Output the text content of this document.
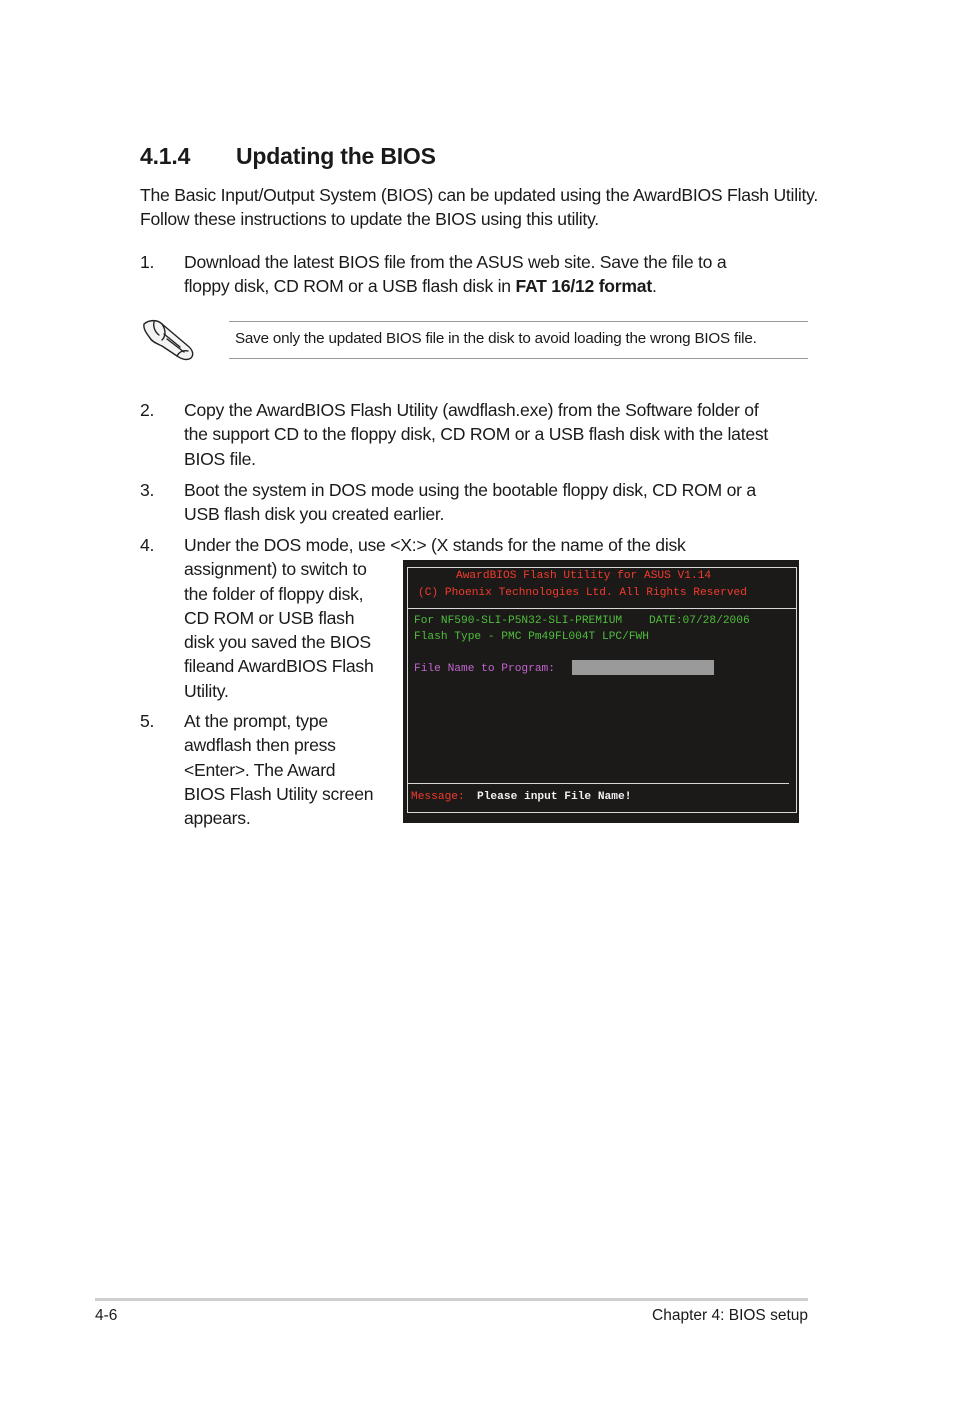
4.1.4 Updating the BIOS
The Basic Input/Output System (BIOS) can be updated using the AwardBIOS Flash Utility. Follow these instructions to update the BIOS using this utility.
1. Download the latest BIOS file from the ASUS web site. Save the file to a
floppy disk, CD ROM or a USB flash disk in FAT 16/12 format.
Save only the updated BIOS file in the disk to avoid loading the wrong BIOS file.
2. Copy the AwardBIOS Flash Utility (awdflash.exe) from the Software folder of
the support CD to the floppy disk, CD ROM or a USB flash disk with the latest
BIOS file.
3. Boot the system in DOS mode using the bootable floppy disk, CD ROM or a
USB flash disk you created earlier.
4. Under the DOS mode, use <X:> (X stands for the name of the disk
assignment) to switch to
the folder of floppy disk,
CD ROM or USB flash
disk you saved the BIOS
fileand AwardBIOS Flash
Utility.
5. At the prompt, type
awdflash then press
<Enter>. The Award
BIOS Flash Utility screen
appears.
AwardBIOS Flash Utility for ASUS V1.14
(C) Phoenix Technologies Ltd. All Rights Reserved
For NF590-SLI-P5N32-SLI-PREMIUM    DATE:07/28/2006
Flash Type - PMC Pm49FL004T LPC/FWH
File Name to Program:
Message: Please input File Name!
4-6	Chapter 4: BIOS setup
